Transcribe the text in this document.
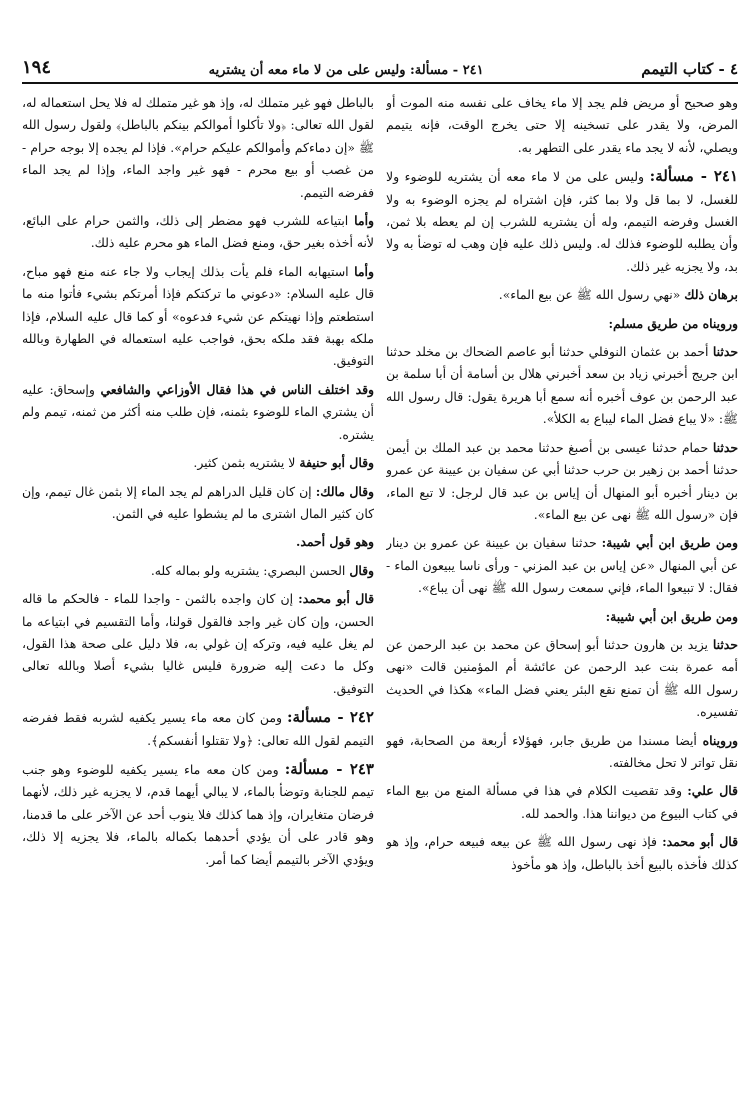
٤ - كتاب التيمم
٢٤١ - مسألة: وليس على من لا ماء معه أن يشتريه
١٩٤

وهو صحيح أو مريض فلم يجد إلا ماء يخاف على نفسه منه الموت أو المرض، ولا يقدر على تسخينه إلا حتى يخرج الوقت، فإنه يتيمم ويصلي، لأنه لا يجد ماء يقدر على التطهر به.

٢٤١ - مسألة: وليس على من لا ماء معه أن يشتريه للوضوء ولا للغسل، لا بما قل ولا بما كثر، فإن اشتراه لم يجزه الوضوء به ولا الغسل وفرضه التيمم، وله أن يشتريه للشرب إن لم يعطه بلا ثمن، وأن يطلبه للوضوء فذلك له. وليس ذلك عليه فإن وهب له توضأ به ولا بد، ولا يجزيه غير ذلك.

برهان ذلك «نهي رسول الله ﷺ عن بيع الماء».

ورويناه من طريق مسلم:

حدثنا أحمد بن عثمان النوفلي حدثنا أبو عاصم الضحاك بن مخلد حدثنا ابن جريج أخبرني زياد بن سعد أخبرني هلال بن أسامة أن أبا سلمة بن عبد الرحمن بن عوف أخبره أنه سمع أبا هريرة يقول: قال رسول الله ﷺ: «لا يباع فضل الماء ليباع به الكلأ».

حدثنا حمام حدثنا عيسى بن أصبغ حدثنا محمد بن عبد الملك بن أيمن حدثنا أحمد بن زهير بن حرب حدثنا أبي عن سفيان بن عيينة عن عمرو بن دينار أخبره أبو المنهال أن إياس بن عبد قال لرجل: لا تبع الماء، فإن «رسول الله ﷺ نهى عن بيع الماء».

ومن طريق ابن أبي شيبة: حدثنا سفيان بن عيينة عن عمرو بن دينار عن أبي المنهال «عن إياس بن عبد المزني - ورأى ناسا يبيعون الماء - فقال: لا تبيعوا الماء، فإني سمعت رسول الله ﷺ نهى أن يباع».

ومن طريق ابن أبي شيبة:

حدثنا يزيد بن هارون حدثنا أبو إسحاق عن محمد بن عبد الرحمن عن أمه عمرة بنت عبد الرحمن عن عائشة أم المؤمنين قالت «نهى رسول الله ﷺ أن تمنع نقع البئر يعني فضل الماء» هكذا في الحديث تفسيره.

ورويناه أيضا مسندا من طريق جابر، فهؤلاء أربعة من الصحابة، فهو نقل تواتر لا تحل مخالفته.

قال علي: وقد تقصيت الكلام في هذا في مسألة المنع من بيع الماء في كتاب البيوع من ديواننا هذا. والحمد لله.

قال أبو محمد: فإذ نهى رسول الله ﷺ عن بيعه فبيعه حرام، وإذ هو كذلك فأخذه بالبيع أخذ بالباطل، وإذ هو مأخوذ

بالباطل فهو غير متملك له، وإذ هو غير متملك له فلا يحل استعماله له، لقول الله تعالى: ﴿ولا تأكلوا أموالكم بينكم بالباطل﴾ ولقول رسول الله ﷺ «إن دماءكم وأموالكم عليكم حرام». فإذا لم يجده إلا بوجه حرام - من غصب أو بيع محرم - فهو غير واجد الماء، وإذا لم يجد الماء ففرضه التيمم.

وأما ابتياعه للشرب فهو مضطر إلى ذلك، والثمن حرام على البائع، لأنه أخذه بغير حق، ومنع فضل الماء هو محرم عليه ذلك.

وأما استيهابه الماء فلم يأت بذلك إيجاب ولا جاء عنه منع فهو مباح، قال عليه السلام: «دعوني ما تركتكم فإذا أمرتكم بشيء فأتوا منه ما استطعتم وإذا نهيتكم عن شيء فدعوه» أو كما قال عليه السلام، فإذا ملكه بهبة فقد ملكه بحق، فواجب عليه استعماله في الطهارة وبالله التوفيق.

وقد اختلف الناس في هذا فقال الأوزاعي والشافعي وإسحاق: عليه أن يشتري الماء للوضوء بثمنه، فإن طلب منه أكثر من ثمنه، تيمم ولم يشتره.

وقال أبو حنيفة لا يشتريه بثمن كثير.

وقال مالك: إن كان قليل الدراهم لم يجد الماء إلا بثمن غال تيمم، وإن كان كثير المال اشترى ما لم يشطوا عليه في الثمن.

وهو قول أحمد.

وقال الحسن البصري: يشتريه ولو بماله كله.

قال أبو محمد: إن كان واجده بالثمن - واجدا للماء - فالحكم ما قاله الحسن، وإن كان غير واجد فالقول قولنا، وأما التقسيم في ابتياعه ما لم يغل عليه فيه، وتركه إن غولي به، فلا دليل على صحة هذا القول، وكل ما دعت إليه ضرورة فليس غاليا بشيء أصلا وبالله تعالى التوفيق.

٢٤٢ - مسألة: ومن كان معه ماء يسير يكفيه لشربه فقط ففرضه التيمم لقول الله تعالى: ﴿ولا تقتلوا أنفسكم﴾.

٢٤٣ - مسألة: ومن كان معه ماء يسير يكفيه للوضوء وهو جنب تيمم للجنابة وتوضأ بالماء، لا يبالي أيهما قدم، لا يجزيه غير ذلك، لأنهما فرضان متغايران، وإذ هما كذلك فلا ينوب أحد عن الآخر على ما قدمنا، وهو قادر على أن يؤدي أحدهما بكماله بالماء، فلا يجزيه إلا ذلك، ويؤدي الآخر بالتيمم أيضا كما أمر.
